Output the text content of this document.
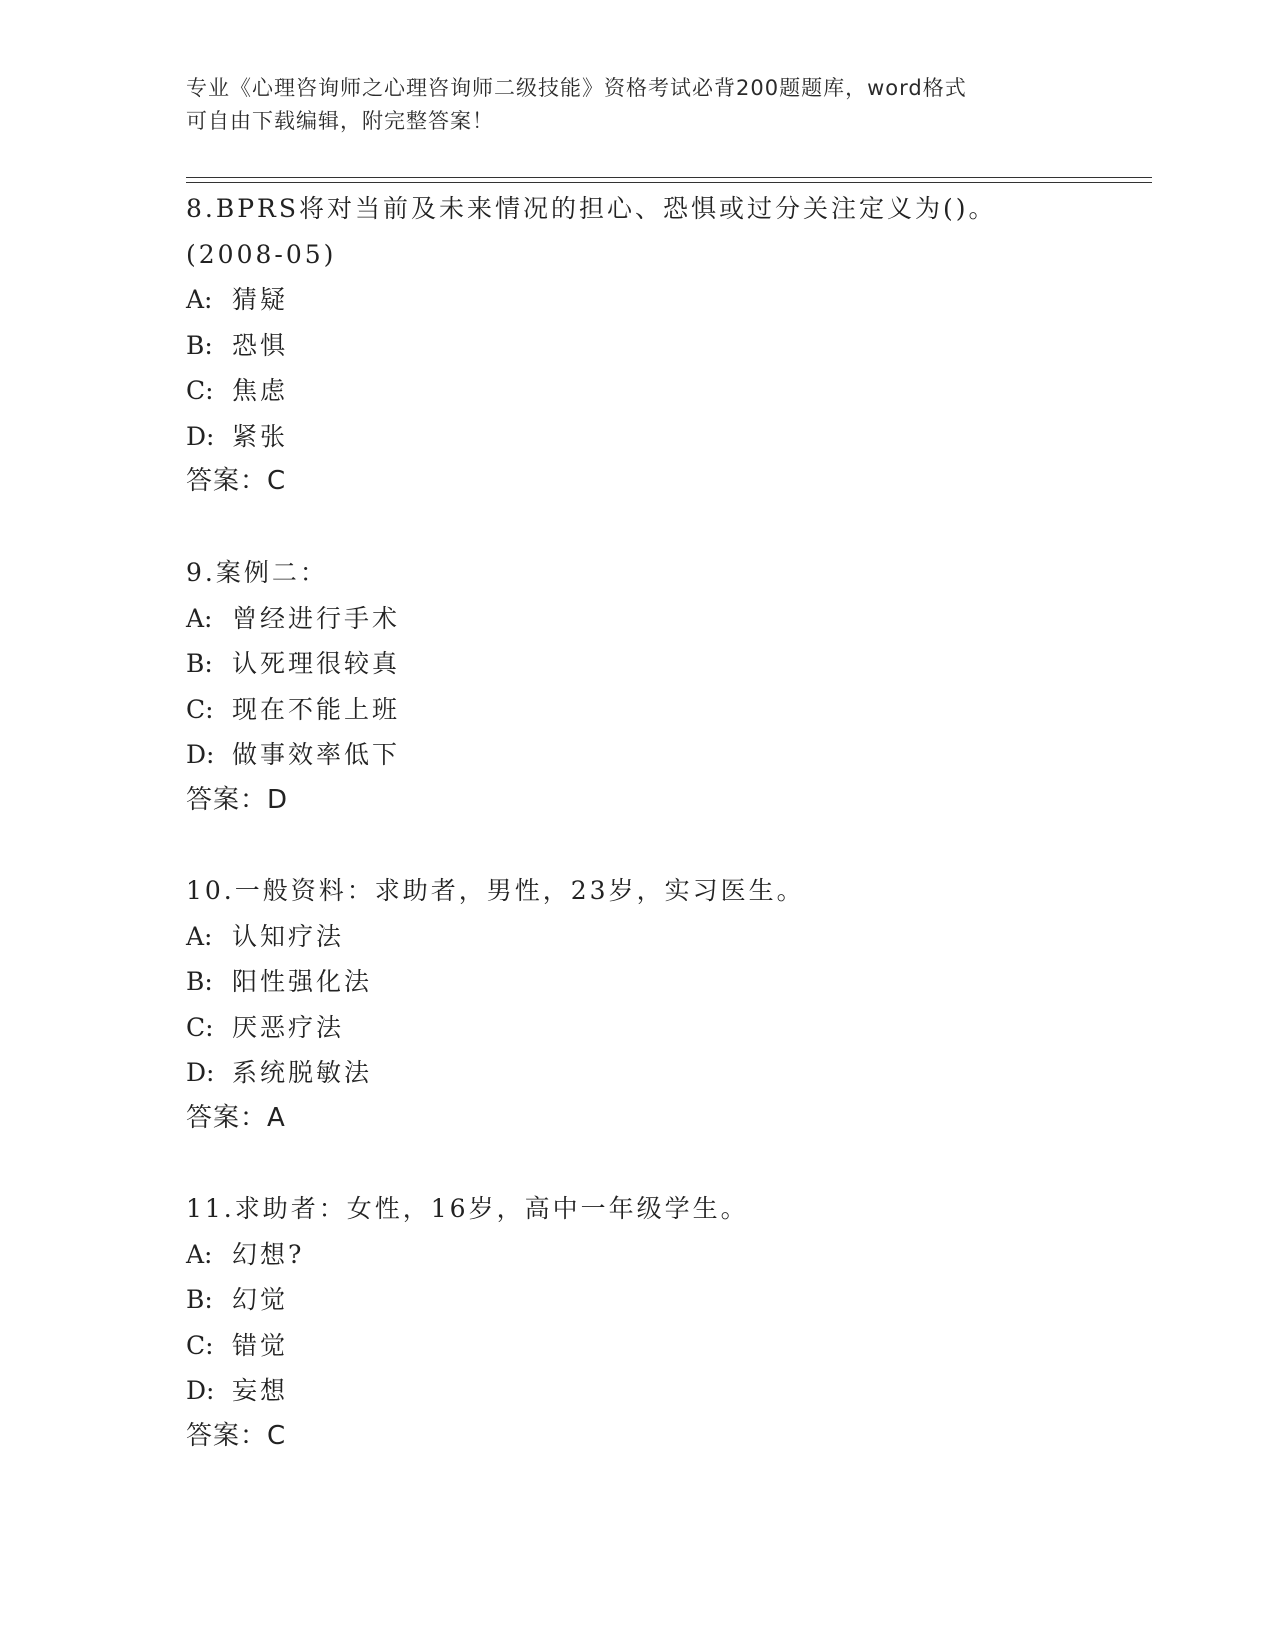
专业《心理咨询师之心理咨询师二级技能》资格考试必背200题题库，word格式
可自由下载编辑，附完整答案！
8.BPRS将对当前及未来情况的担心、恐惧或过分关注定义为()。
(2008-05)
A: 猜疑
B: 恐惧
C: 焦虑
D: 紧张
答案：C
9.案例二：
A: 曾经进行手术
B: 认死理很较真
C: 现在不能上班
D: 做事效率低下
答案：D
10.一般资料：求助者，男性，23岁，实习医生。
A: 认知疗法
B: 阳性强化法
C: 厌恶疗法
D: 系统脱敏法
答案：A
11.求助者：女性，16岁，高中一年级学生。
A: 幻想?
B: 幻觉
C: 错觉
D: 妄想
答案：C
